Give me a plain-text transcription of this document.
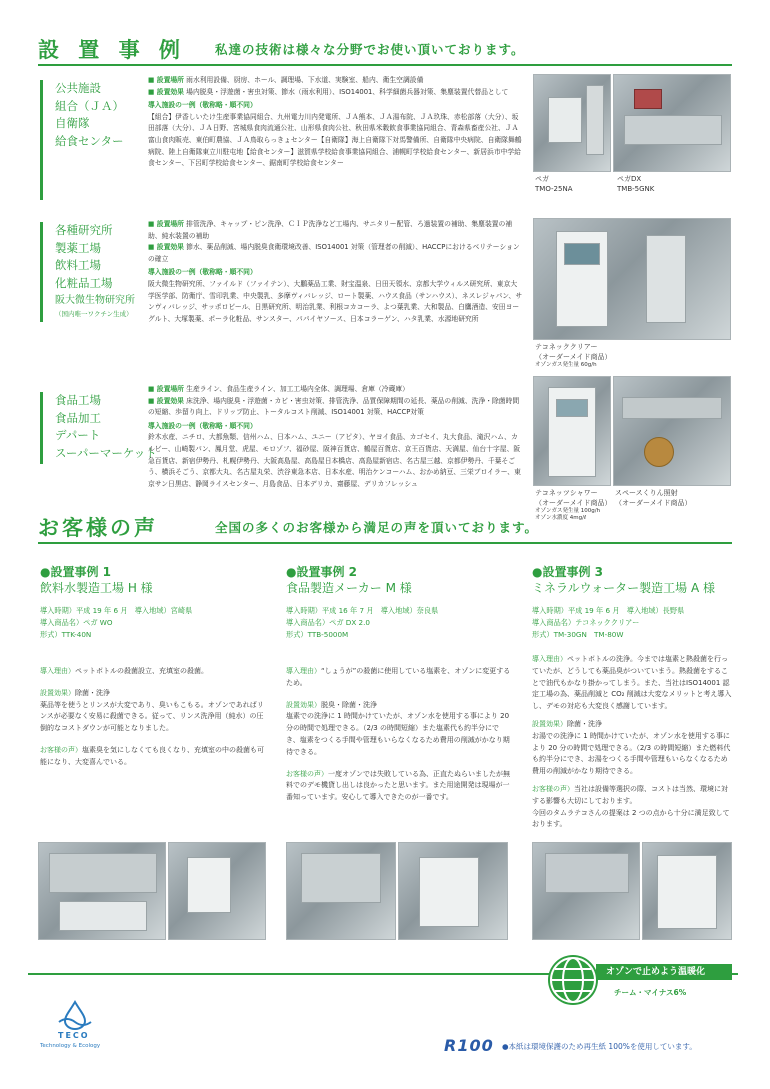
設 置 事 例 私達の技術は様々な分野でお使い頂いております。
公共施設
組合（ＪＡ）
自衛隊
給食センター
■ 設置場所 雨水利用設備、厨房、ホール、調理場、下水道、実験室、船内、衛生空調設備
■ 設置効果 場内脱臭・浮遊菌・害虫対策、節水（雨水利用）、ISO14001、科学細菌兵器対策、集塵装置代替品として
導入施設の一例（敬称略・順不同）
【組合】伊香しいたけ生産事業協同組合、九州電力川内発電所、ＪＡ熊本、ＪＡ湯布院、ＪＡ玖珠、赤松部落（大分）、坂田部落（大分）、ＪＡ日野、宮城県食肉流通公社、山形県食肉公社、秋田県米穀飲食事業協同組合、青森県畜産公社、ＪＡ富山食肉販売、東伯町農協、ＪＡ鳥取らっきょセンター【自衛隊】海上自衛隊下対馬警備所、自衛隊中央病院、自衛隊舞鶴病院、陸上自衛隊東立川駐屯地【給食センター】滋賀県学校給食事業協同組合、浦幌町学校給食センター、新居浜市中学給食センター、下呂町学校給食センター、鋸南町学校給食センター
ペガ
TMO-25NA
ペガDX
TMB-5GNK
各種研究所
製薬工場
飲料工場
化粧品工場
阪大微生物研究所
（国内唯一ワクチン生成）
■ 設置場所 排管洗浄、キャップ・ピン洗浄、ＣＩＰ洗浄など工場内、サニタリー配管、ろ過装置の補助、集塵装置の補助、純水装置の補助
■ 設置効果 節水、薬品削減、場内脱臭食衛環境改善、ISO14001 対策（管理者の削減）、HACCPにおけるベリテーションの確立
導入施設の一例（敬称略・順不同）
阪大微生物研究所、ファイルド（ファイテン）、大鵬薬品工業、財宝温泉、日田天領水、京都大学ウィルス研究所、東京大学医学部、防衛庁、雪印乳業、中央製乳、多摩ヴィバレッジ、ロート製薬、ハウス食品（サンハウス）、ネスレジャパン、サンヴィバレッジ、サッポロビール、日黒研究所、明治乳業、利根コカコーラ、よつ葉乳業、大和製品、白鷹酒造、安田ヨーグルト、大塚製薬、ポーラ化粧品、サンスター、パパイヤソース、日本コラーゲン、ハタ乳業、水源地研究所
テコネッククリアー
（オーダーメイド商品）
オゾンガス発生量 60g/h
食品工場
食品加工
デパート
スーパーマーケット
■ 設置場所 生産ライン、食品生産ライン、加工工場内全体、調理場、倉庫（冷蔵庫）
■ 設置効果 床洗浄、場内脱臭・浮遊菌・カビ・害虫対策、排管洗浄、品質保障期間の延長、薬品の削減、洗浄・除菌時間の短縮、歩留り向上、ドリップ防止、トータルコスト削減、ISO14001 対策、HACCP対策
導入施設の一例（敬称略・順不同）
鈴木水産、ニチロ、大都魚類、信州ハム、日本ハム、ユニー（アピタ）、ヤヨイ食品、カゴセイ、丸大食品、滝沢ハム、カルビー、山崎製パン、鳳月堂、虎屋、モロゾフ、福砂屋、阪神百貨店、鶴屋百貨店、京王百貨店、天満屋、仙台十字屋、阪急百貨店、新宿伊勢丹、札幌伊勢丹、大阪高島屋、高島屋日本橋店、高島屋新宿店、名古屋三越、京都伊勢丹、千葉そごう、横浜そごう、京都大丸、名古屋丸栄、渋谷東急本店、日本水産、明治ケンコーハム、おかめ納豆、三栄ブロイラー、東京サン日黒店、静岡ライスセンター、月島食品、日本デリカ、齋藤屋、デリカフレッシュ
テコネッツシャワー
（オーダーメイド商品）
オゾンガス発生量 100g/h
オゾン水濃度 4mg/ℓ
スペースくりん照射
（オーダーメイド商品）
お客様の声	全国の多くのお客様から満足の声を頂いております。
●設置事例 1
飲料水製造工場 H 様
導入時期）平成 19 年 6 月　導入地域）宮崎県
導入商品名）ペガ WO
形式）TTK-40N
導入理由）ペットボトルの殺菌設立、充填室の殺菌。
設置効果）除菌・洗浄
薬品等を使うとリンスが大変であり、臭いもこもる。オゾンであればリンスが必要なく安易に殺菌できる。従って、リンス洗浄用（純水）の圧倒的なコストダウンが可能となりました。
お客様の声）塩素臭を気にしなくても良くなり、充填室の中の殺菌も可能になり、大変喜んでいる。
●設置事例 2
食品製造メーカー M 様
導入時期）平成 16 年 7 月　導入地域）奈良県
導入商品名）ペガ DX 2.0
形式）TTB-5000M
導入理由）“しょうが”の殺菌に使用している塩素を、オゾンに変更するため。
設置効果）脱臭・除菌・洗浄
塩素での洗浄に 1 時間かけていたが、オゾン水を使用する事により 20 分の時間で処理できる。（2/3 の時間短縮）また塩素代も約半分にでき、塩素をつくる手間や管理もいらなくなるため費用の削減がかなり期待できる。
お客様の声）一度オゾンでは失敗している為、正直たぬらいましたが無料でのデモ機貸し出しは良かったと思います。また用途開発は現場が一番知っています。安心して導入できたのが一番です。
●設置事例 3
ミネラルウォーター製造工場 A 様
導入時期）平成 19 年 6 月　導入地域）長野県
導入商品名）テコネッククリアー
形式）TM-30GN　TM-80W
導入理由）ペットボトルの洗浄。今までは塩素と熱殺菌を行っていたが、どうしても薬品臭がついていまう。熱殺菌をすることで油代もかなり掛かってしまう。また、当社はISO14001 認定工場の為、薬品削減と CO₂ 削減は大変なメリットと考え導入し、デモの対応も大変良く感謝しています。
設置効果）除菌・洗浄
お湯での洗浄に 1 時間かけていたが、オゾン水を使用する事により 20 分の時間で処理できる。（2/3 の時間短縮）また燃料代も約半分にでき、お湯をつくる手間や管理もいらなくなるため費用の削減がかなり期待できる。
お客様の声）当社は設備等選択の際、コストは当然、環境に対する影響も大切にしております。
今回のタムラテコさんの提案は 2 つの点から十分に満足致しております。
オゾンで止めよう温暖化
チーム・マイナス6%
TECO
Technology & Ecology	R100 ●本紙は環境保護のため再生紙 100%を使用しています。
